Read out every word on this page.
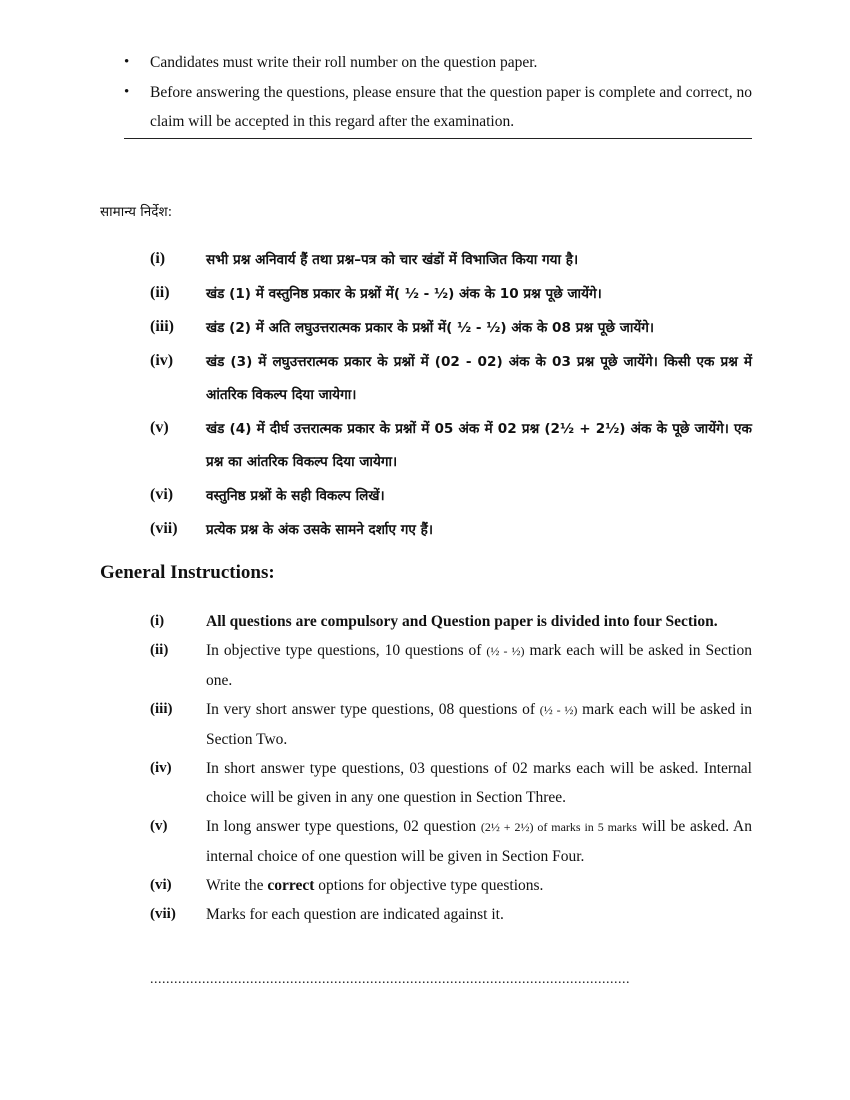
• Candidates must write their roll number on the question paper.
• Before answering the questions, please ensure that the question paper is complete and correct, no claim will be accepted in this regard after the examination.
सामान्य निर्देश:
(i)	सभी प्रश्न अनिवार्य हैं तथा प्रश्न–पत्र को चार खंडों में विभाजित किया गया है।
(ii)	खंड (1) में वस्तुनिष्ठ प्रकार के प्रश्नों में( ½ - ½) अंक के 10 प्रश्न पूछे जायेंगे।
(iii)	खंड (2) में अति लघुउत्तरात्मक प्रकार के प्रश्नों में( ½ - ½) अंक के 08 प्रश्न पूछे जायेंगे।
(iv)	खंड (3) में लघुउत्तरात्मक प्रकार के प्रश्नों में (02 - 02) अंक के 03 प्रश्न पूछे जायेंगे। किसी एक प्रश्न में आंतरिक विकल्प दिया जायेगा।
(v)	खंड (4) में दीर्घ उत्तरात्मक प्रकार के प्रश्नों में 05 अंक में 02 प्रश्न (2½ + 2½) अंक के पूछे जायेंगे। एक प्रश्न का आंतरिक विकल्प दिया जायेगा।
(vi)	वस्तुनिष्ठ प्रश्नों के सही विकल्प लिखें।
(vii)	प्रत्येक प्रश्न के अंक उसके सामने दर्शाए गए हैं।
General Instructions:
(i)	All questions are compulsory and Question paper is divided into four Section.
(ii)	In objective type questions, 10 questions of (½ - ½) mark each will be asked in Section one.
(iii)	In very short answer type questions, 08 questions of (½ - ½) mark each will be asked in Section Two.
(iv)	In short answer type questions, 03 questions of 02 marks each will be asked. Internal choice will be given in any one question in Section Three.
(v)	In long answer type questions, 02 question (2½ + 2½) of marks in 5 marks will be asked. An internal choice of one question will be given in Section Four.
(vi)	Write the correct options for objective type questions.
(vii)	Marks for each question are indicated against it.
........................................................................................................................
